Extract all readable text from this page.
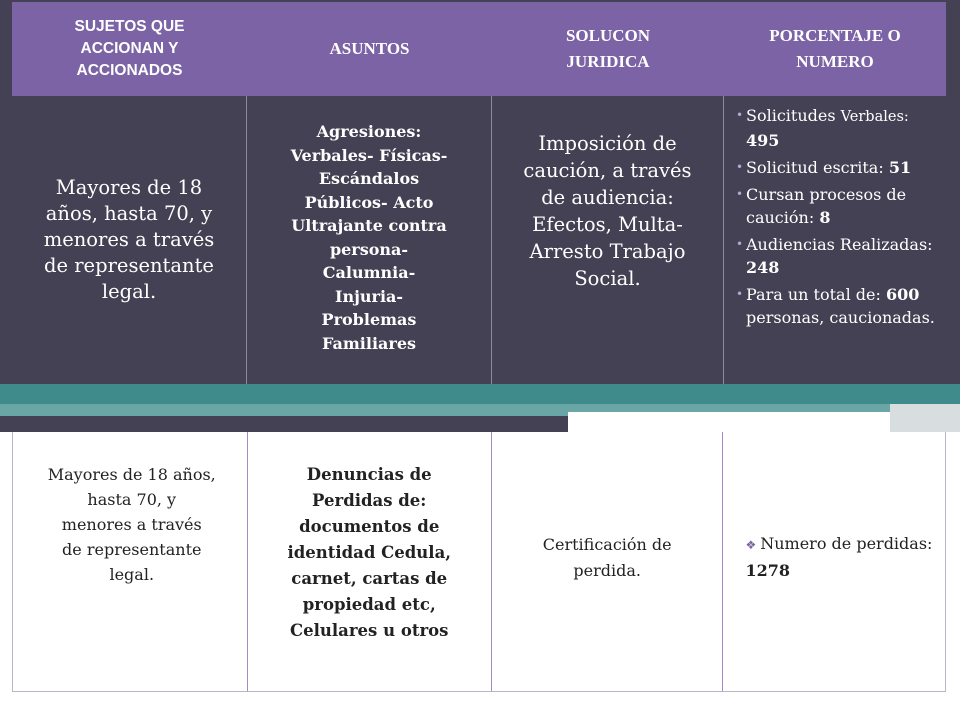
SUJETOS QUE
ACCIONAN Y
ACCIONADOS
ASUNTOS
SOLUCON
JURIDICA
PORCENTAJE O
NUMERO
Mayores de 18
años, hasta 70, y
menores a través
de representante
legal.
Agresiones:
Verbales- Físicas-
Escándalos
Públicos- Acto
Ultrajante contra
persona-
Calumnia-
Injuria-
Problemas
Familiares
Imposición de
caución, a través
de audiencia:
Efectos, Multa-
Arresto Trabajo
Social.
• Solicitudes Verbales: 495
• Solicitud escrita: 51
• Cursan procesos de caución: 8
• Audiencias Realizadas: 248
• Para un total de: 600 personas, caucionadas.
Mayores de 18 años,
hasta 70, y
menores a través
de representante
legal.
Denuncias de
Perdidas de:
documentos de
identidad Cedula,
carnet, cartas de
propiedad etc,
Celulares u otros
Certificación de
perdida.
❖ Numero de perdidas: 1278
